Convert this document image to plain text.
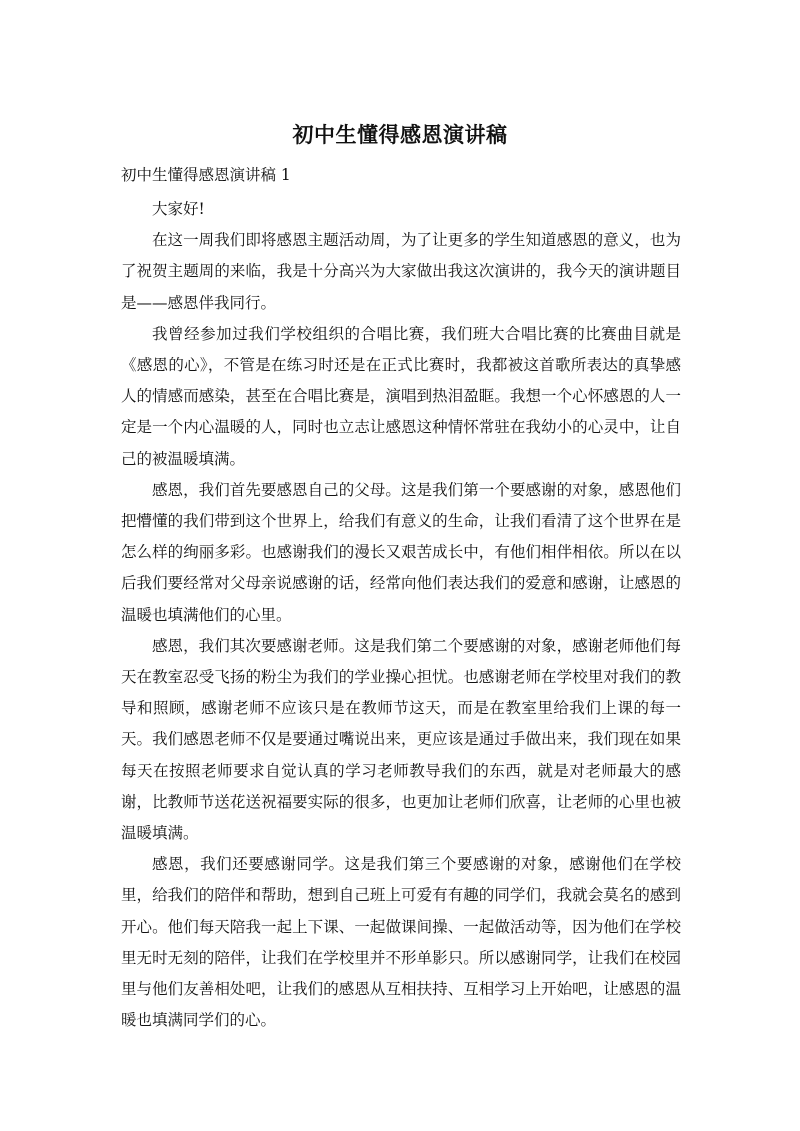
初中生懂得感恩演讲稿
初中生懂得感恩演讲稿 1

大家好!

在这一周我们即将感恩主题活动周，为了让更多的学生知道感恩的意义，也为了祝贺主题周的来临，我是十分高兴为大家做出我这次演讲的，我今天的演讲题目是——感恩伴我同行。

我曾经参加过我们学校组织的合唱比赛，我们班大合唱比赛的比赛曲目就是《感恩的心》，不管是在练习时还是在正式比赛时，我都被这首歌所表达的真挚感人的情感而感染，甚至在合唱比赛是，演唱到热泪盈眶。我想一个心怀感恩的人一定是一个内心温暖的人，同时也立志让感恩这种情怀常驻在我幼小的心灵中，让自己的被温暖填满。

感恩，我们首先要感恩自己的父母。这是我们第一个要感谢的对象，感恩他们把懵懂的我们带到这个世界上，给我们有意义的生命，让我们看清了这个世界在是怎么样的绚丽多彩。也感谢我们的漫长又艰苦成长中，有他们相伴相依。所以在以后我们要经常对父母亲说感谢的话，经常向他们表达我们的爱意和感谢，让感恩的温暖也填满他们的心里。

感恩，我们其次要感谢老师。这是我们第二个要感谢的对象，感谢老师他们每天在教室忍受飞扬的粉尘为我们的学业操心担忧。也感谢老师在学校里对我们的教导和照顾，感谢老师不应该只是在教师节这天，而是在教室里给我们上课的每一天。我们感恩老师不仅是要通过嘴说出来，更应该是通过手做出来，我们现在如果每天在按照老师要求自觉认真的学习老师教导我们的东西，就是对老师最大的感谢，比教师节送花送祝福要实际的很多，也更加让老师们欣喜，让老师的心里也被温暖填满。

感恩，我们还要感谢同学。这是我们第三个要感谢的对象，感谢他们在学校里，给我们的陪伴和帮助，想到自己班上可爱有有趣的同学们，我就会莫名的感到开心。他们每天陪我一起上下课、一起做课间操、一起做活动等，因为他们在学校里无时无刻的陪伴，让我们在学校里并不形单影只。所以感谢同学，让我们在校园里与他们友善相处吧，让我们的感恩从互相扶持、互相学习上开始吧，让感恩的温暖也填满同学们的心。
